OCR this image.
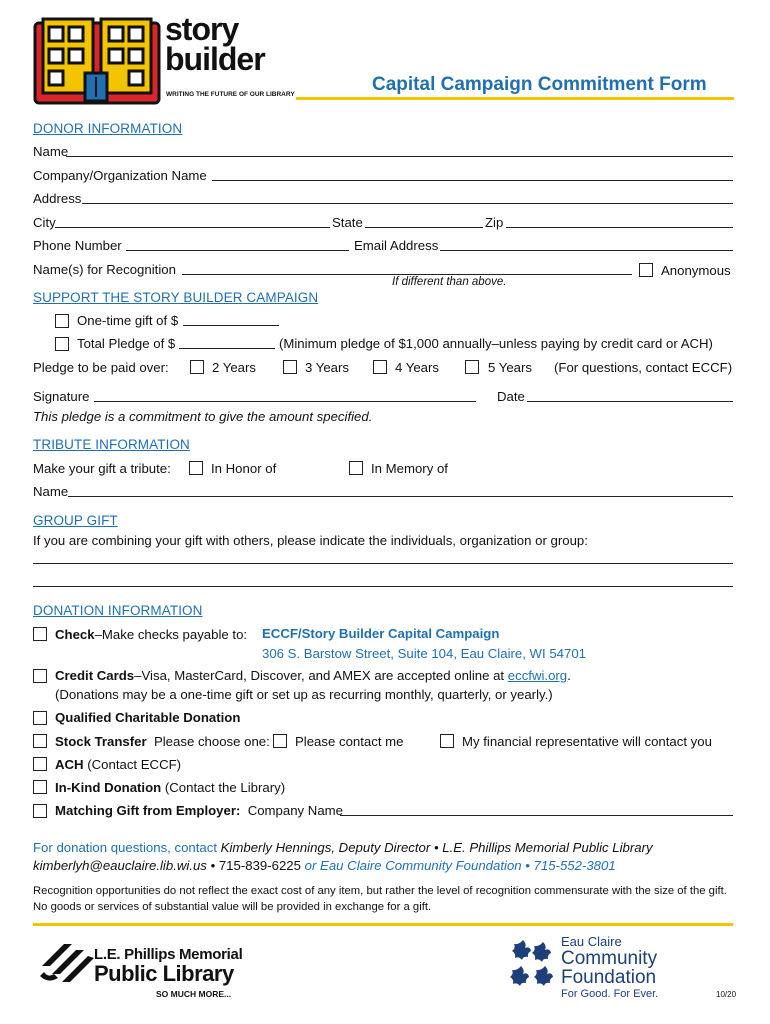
story
builder
WRITING THE FUTURE OF OUR LIBRARY	Capital Campaign Commitment Form
DONOR INFORMATION
Name
Company/Organization Name
Address
City	State	Zip
Phone Number	Email Address
Name(s) for Recognition	Anonymous
If different than above.
SUPPORT THE STORY BUILDER CAMPAIGN
One-time gift of $
Total Pledge of $	(Minimum pledge of $1,000 annually–unless paying by credit card or ACH)
Pledge to be paid over:	2 Years	3 Years	4 Years	5 Years (For questions, contact ECCF)
Signature	Date
This pledge is a commitment to give the amount specified.
TRIBUTE INFORMATION
Make your gift a tribute:	In Honor of	In Memory of
Name
GROUP GIFT
If you are combining your gift with others, please indicate the individuals, organization or group:
DONATION INFORMATION
Check–Make checks payable to: ECCF/Story Builder Capital Campaign
306 S. Barstow Street, Suite 104, Eau Claire, WI 54701
Credit Cards–Visa, MasterCard, Discover, and AMEX are accepted online at eccfwi.org.
(Donations may be a one-time gift or set up as recurring monthly, quarterly, or yearly.)
Qualified Charitable Donation
Stock Transfer Please choose one: Please contact me	My financial representative will contact you
ACH (Contact ECCF)
In-Kind Donation (Contact the Library)
Matching Gift from Employer: Company Name
For donation questions, contact Kimberly Hennings, Deputy Director • L.E. Phillips Memorial Public Library
kimberlyh@eauclaire.lib.wi.us • 715-839-6225 or Eau Claire Community Foundation • 715-552-3801
Recognition opportunities do not reflect the exact cost of any item, but rather the level of recognition commensurate with the size of the gift. No goods or services of substantial value will be provided in exchange for a gift.
L.E. Phillips Memorial
Public Library
SO MUCH MORE...
Eau Claire
Community
Foundation
For Good. For Ever.	10/20
